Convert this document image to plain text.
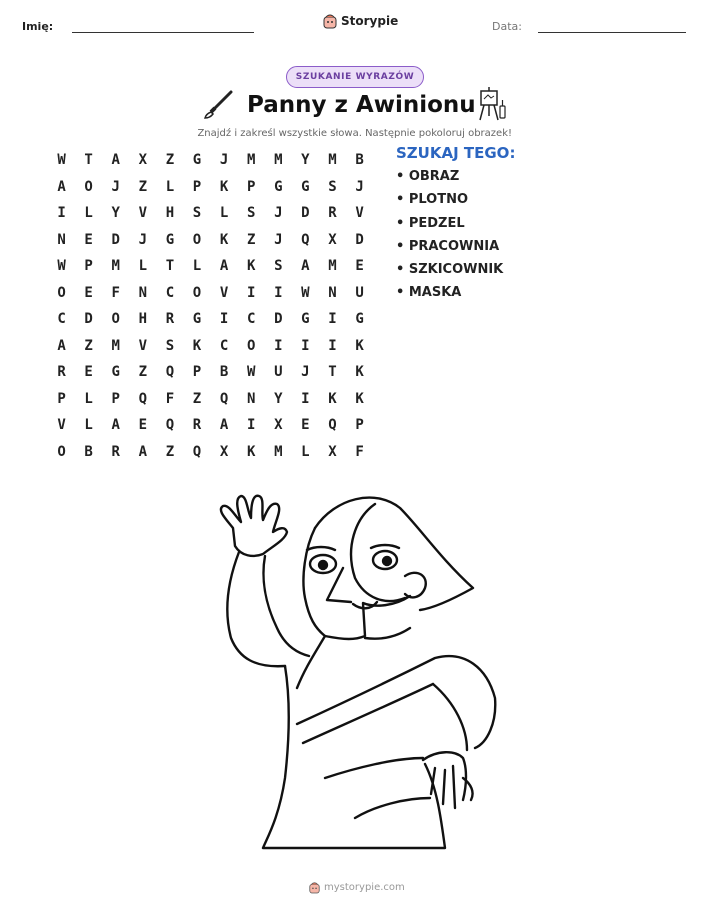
Imię:	Storypie	Data:
SZUKANIE WYRAZÓW
Panny z Awinionu
Znajdź i zakreśl wszystkie słowa. Następnie pokoloruj obrazek!
W	T	A	X	Z	G	J	M	M	Y	M	B
A	O	J	Z	L	P	K	P	G	G	S	J
I	L	Y	V	H	S	L	S	J	D	R	V
N	E	D	J	G	O	K	Z	J	Q	X	D
W	P	M	L	T	L	A	K	S	A	M	E
O	E	F	N	C	O	V	I	I	W	N	U
C	D	O	H	R	G	I	C	D	G	I	G
A	Z	M	V	S	K	C	O	I	I	I	K
R	E	G	Z	Q	P	B	W	U	J	T	K
P	L	P	Q	F	Z	Q	N	Y	I	K	K
V	L	A	E	Q	R	A	I	X	E	Q	P
O	B	R	A	Z	Q	X	K	M	L	X	F
SZUKAJ TEGO:
• OBRAZ
• PLOTNO
• PEDZEL
• PRACOWNIA
• SZKICOWNIK
• MASKA
mystorypie.com
